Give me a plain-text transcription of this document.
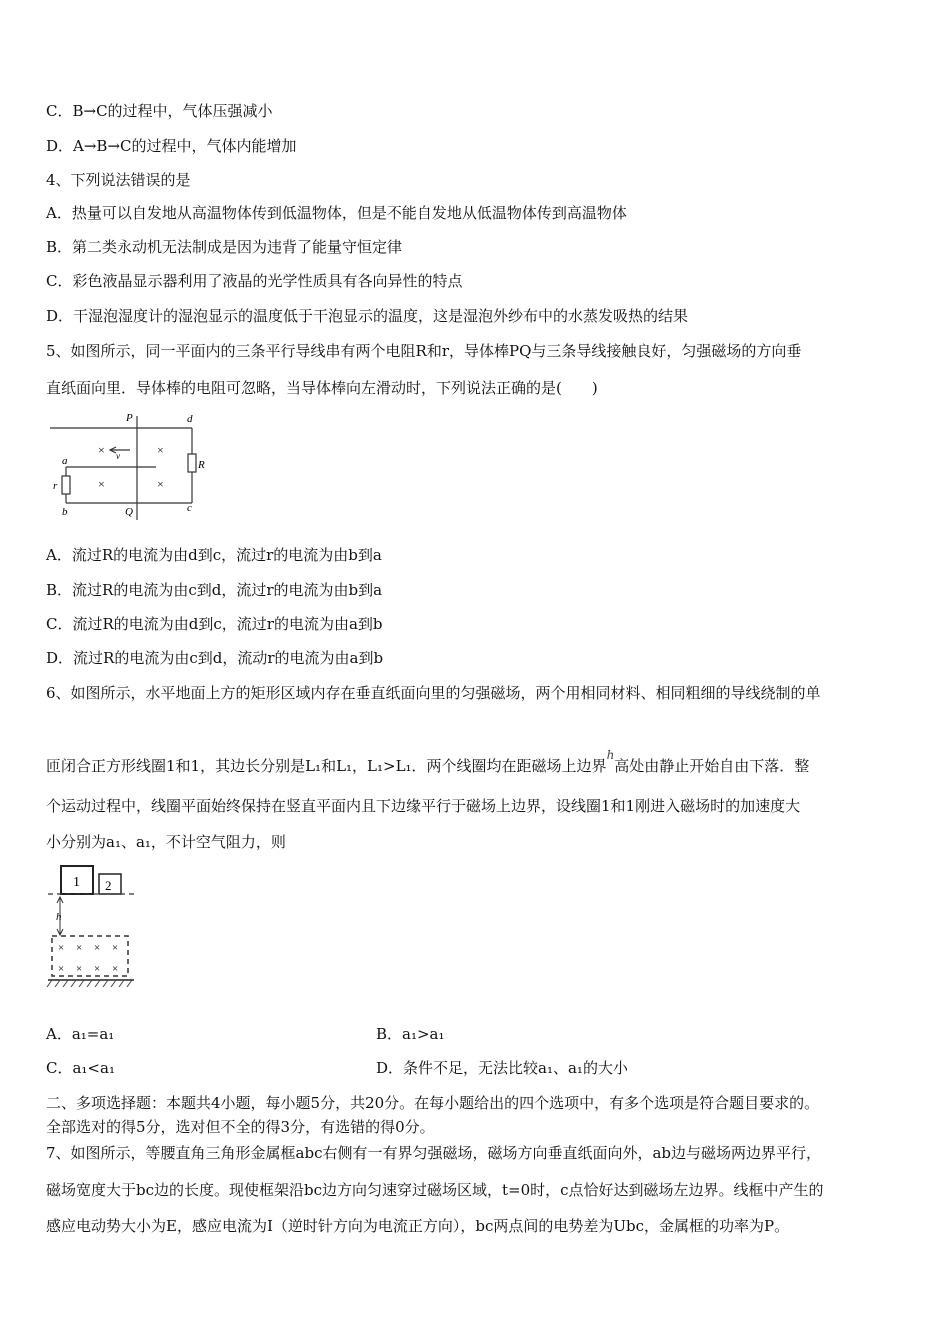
C．B→C的过程中，气体压强减小
D．A→B→C的过程中，气体内能增加
4、下列说法错误的是
A．热量可以自发地从高温物体传到低温物体，但是不能自发地从低温物体传到高温物体
B．第二类永动机无法制成是因为违背了能量守恒定律
C．彩色液晶显示器利用了液晶的光学性质具有各向异性的特点
D．干湿泡湿度计的湿泡显示的温度低于干泡显示的温度，这是湿泡外纱布中的水蒸发吸热的结果
5、如图所示，同一平面内的三条平行导线串有两个电阻R和r，导体棒PQ与三条导线接触良好，匀强磁场的方向垂
直纸面向里．导体棒的电阻可忽略，当导体棒向左滑动时，下列说法正确的是(　　)
P	d
v
R
a
r
b	Q	c
×	×
×	×
A．流过R的电流为由d到c，流过r的电流为由b到a
B．流过R的电流为由c到d，流过r的电流为由b到a
C．流过R的电流为由d到c，流过r的电流为由a到b
D．流过R的电流为由c到d，流动r的电流为由a到b
6、如图所示，水平地面上方的矩形区域内存在垂直纸面向里的匀强磁场，两个用相同材料、相同粗细的导线绕制的单
匝闭合正方形线圈1和1，其边长分别是L₁和L₁，L₁>L₁．两个线圈均在距磁场上边界$^h$高处由静止开始自由下落．整
个运动过程中，线圈平面始终保持在竖直平面内且下边缘平行于磁场上边界，设线圈1和1刚进入磁场时的加速度大
小分别为a₁、a₁，不计空气阻力，则
1 2
h
× × × ×
× × × ×
A．a₁=a₁	B．a₁>a₁
C．a₁<a₁	D．条件不足，无法比较a₁、a₁的大小
二、多项选择题：本题共4小题，每小题5分，共20分。在每小题给出的四个选项中，有多个选项是符合题目要求的。
全部选对的得5分，选对但不全的得3分，有选错的得0分。
7、如图所示，等腰直角三角形金属框abc右侧有一有界匀强磁场，磁场方向垂直纸面向外，ab边与磁场两边界平行，
磁场宽度大于bc边的长度。现使框架沿bc边方向匀速穿过磁场区域，t=0时，c点恰好达到磁场左边界。线框中产生的
感应电动势大小为E，感应电流为I（逆时针方向为电流正方向），bc两点间的电势差为Ubc，金属框的功率为P。
